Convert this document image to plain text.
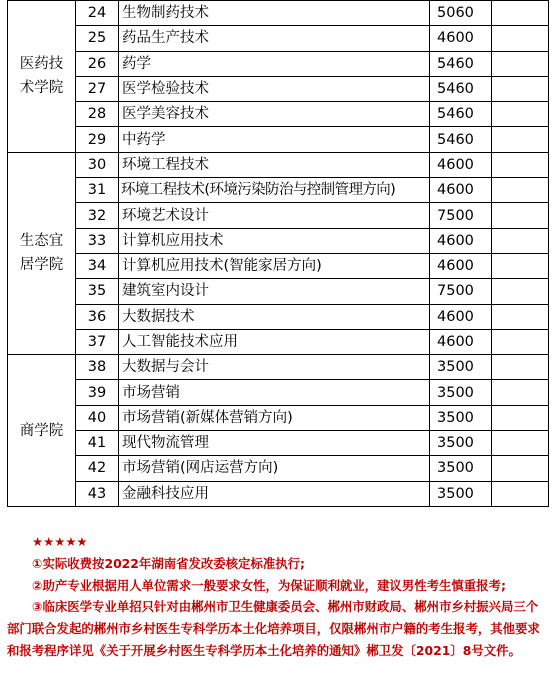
医药技
术学院	24	生物制药技术	5060	
	25	药品生产技术	4600	
	26	药学	5460	
	27	医学检验技术	5460	
	28	医学美容技术	5460	
	29	中药学	5460	

生态宜
居学院	30	环境工程技术	4600	
	31	环境工程技术(环境污染防治与控制管理方向)	4600	
	32	环境艺术设计	7500	
	33	计算机应用技术	4600	
	34	计算机应用技术(智能家居方向)	4600	
	35	建筑室内设计	7500	
	36	大数据技术	4600	
	37	人工智能技术应用	4600	

商学院	38	大数据与会计	3500	
	39	市场营销	3500	
	40	市场营销(新媒体营销方向)	3500	
	41	现代物流管理	3500	
	42	市场营销(网店运营方向)	3500	
	43	金融科技应用	3500	

★★★★★

①实际收费按2022年湖南省发改委核定标准执行;

②助产专业根据用人单位需求一般要求女性，为保证顺利就业，建议男性考生慎重报考;

③临床医学专业单招只针对由郴州市卫生健康委员会、郴州市财政局、郴州市乡村振兴局三个部门联合发起的郴州市乡村医生专科学历本土化培养项目，仅限郴州市户籍的考生报考，其他要求和报考程序详见《关于开展乡村医生专科学历本土化培养的通知》郴卫发〔2021〕8号文件。
